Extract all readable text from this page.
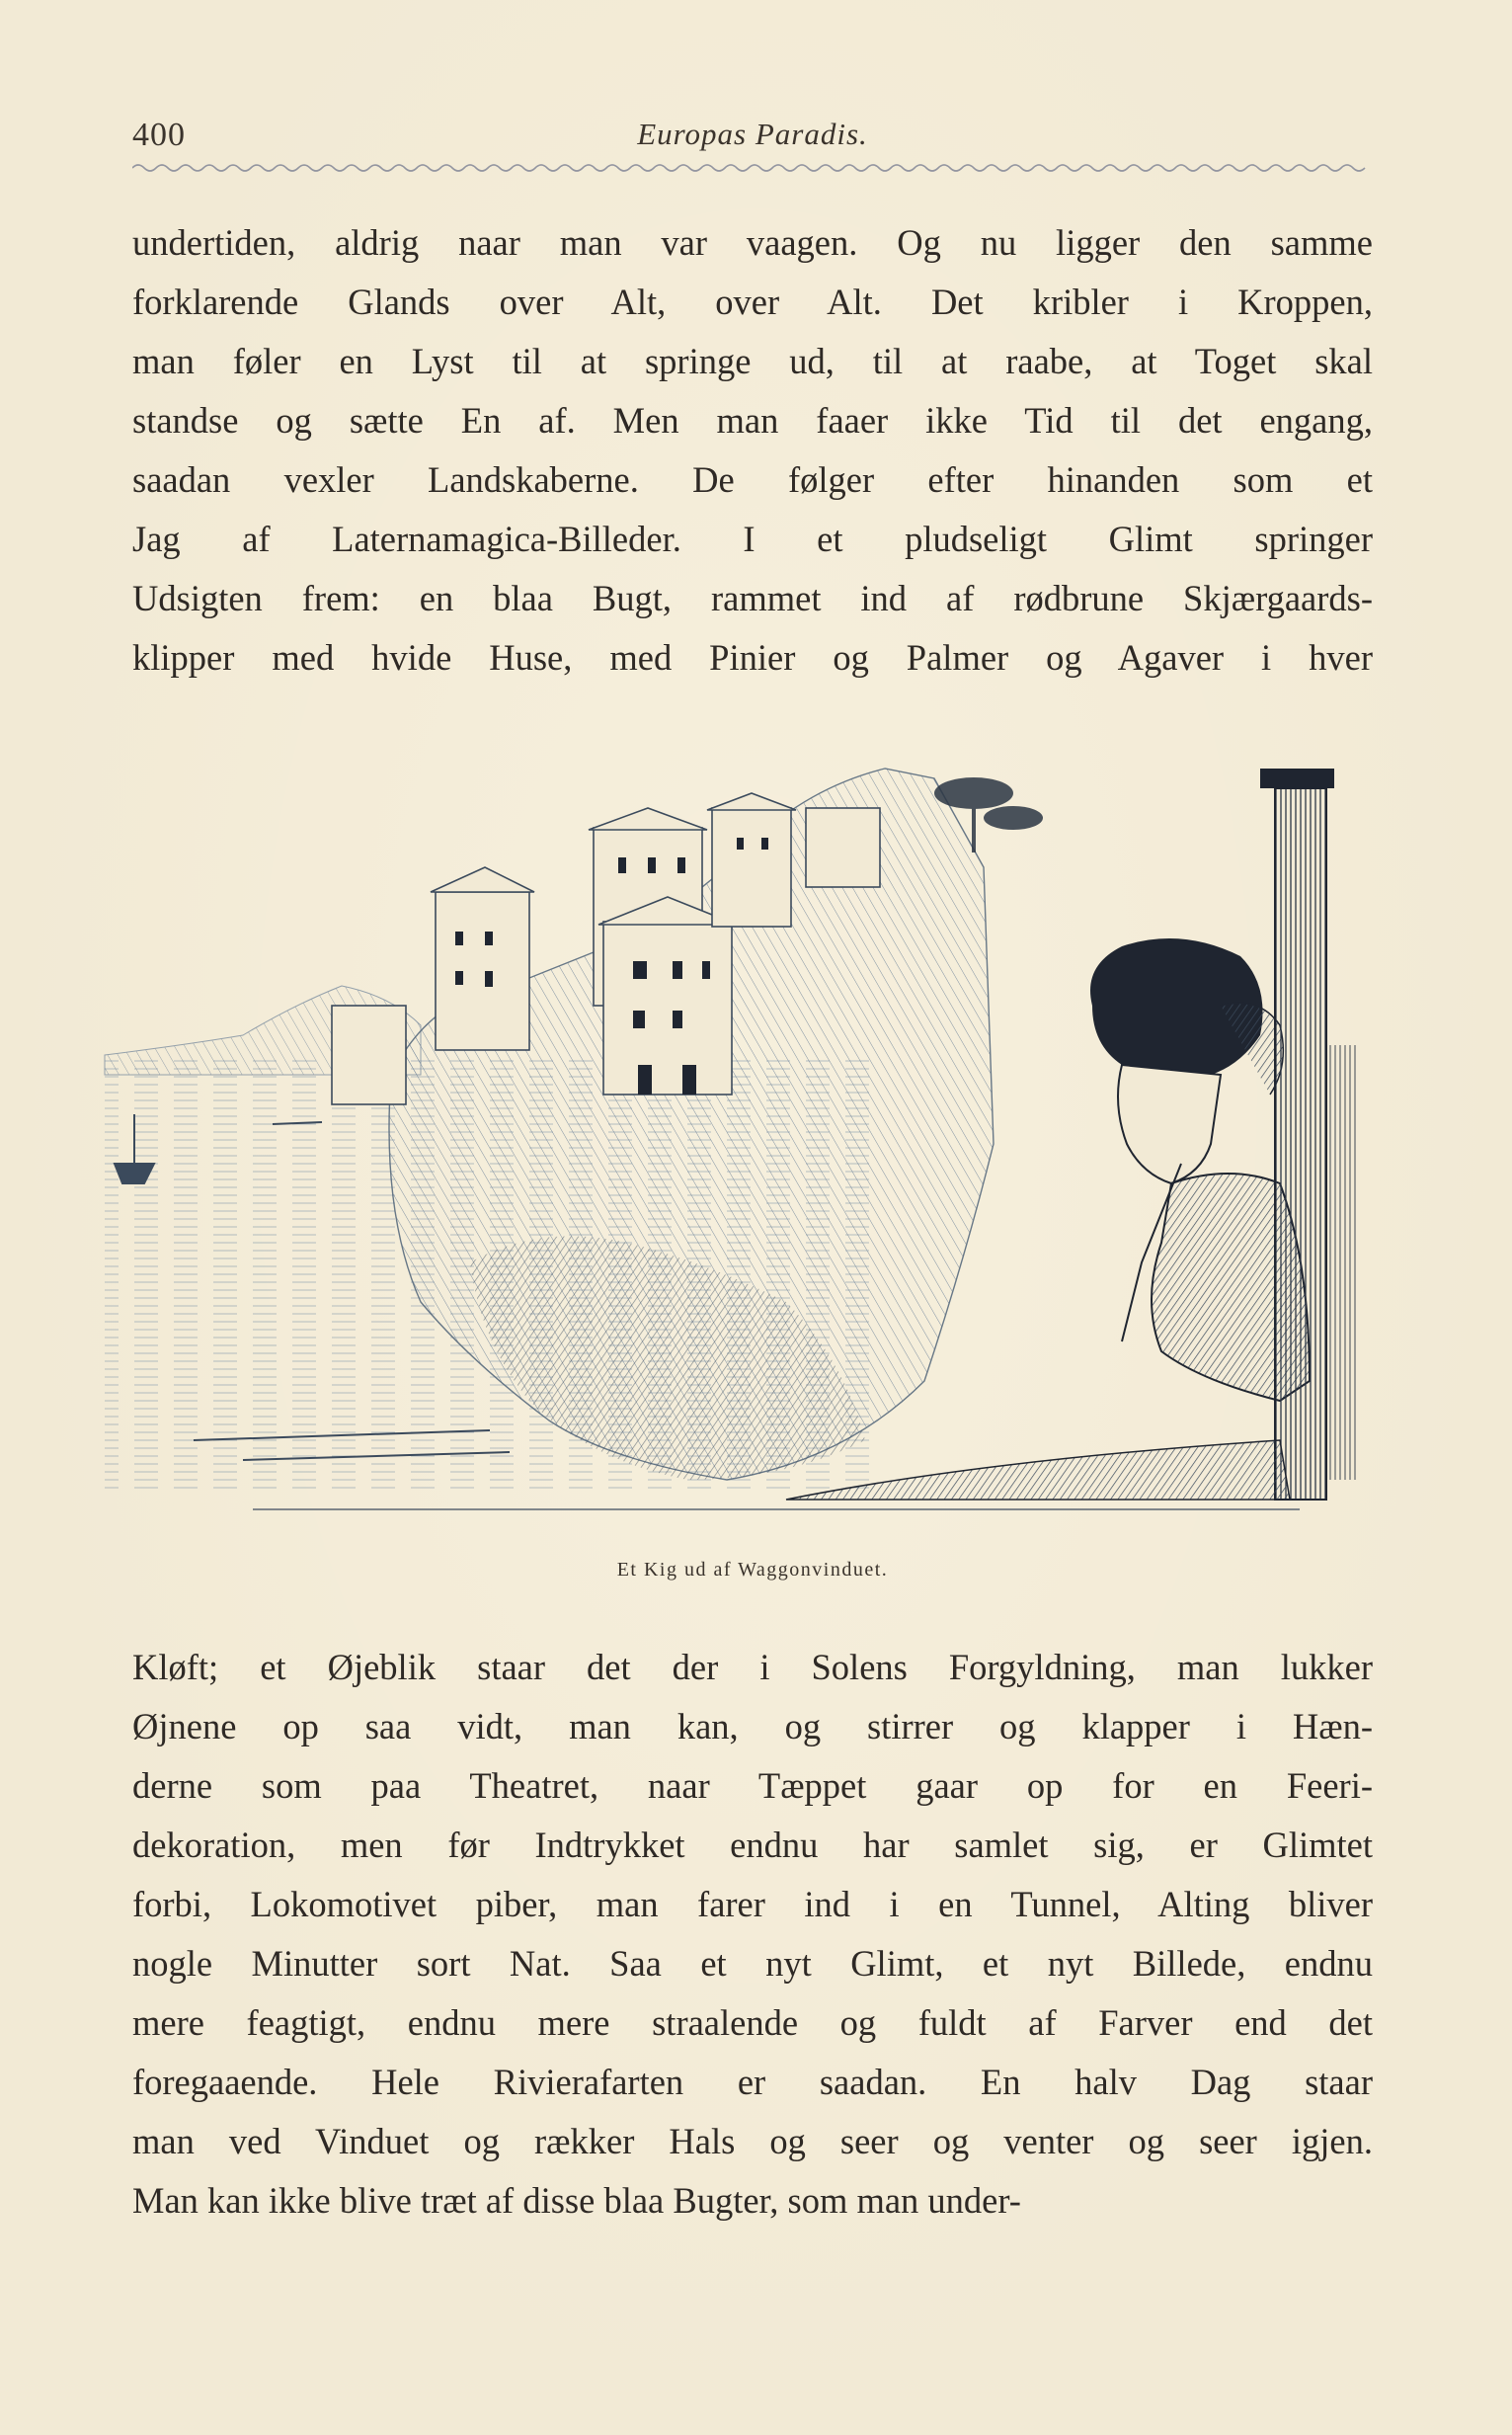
400	Europas Paradis.
undertiden, aldrig naar man var vaagen. Og nu ligger den samme
forklarende Glands over Alt, over Alt. Det kribler i Kroppen,
man føler en Lyst til at springe ud, til at raabe, at Toget skal
standse og sætte En af. Men man faaer ikke Tid til det engang,
saadan vexler Landskaberne. De følger efter hinanden som et
Jag af Laternamagica-Billeder. I et pludseligt Glimt springer
Udsigten frem: en blaa Bugt, rammet ind af rødbrune Skjærgaards-
klipper med hvide Huse, med Pinier og Palmer og Agaver i hver
Et Kig ud af Waggonvinduet.
Kløft; et Øjeblik staar det der i Solens Forgyldning, man lukker
Øjnene op saa vidt, man kan, og stirrer og klapper i Hæn-
derne som paa Theatret, naar Tæppet gaar op for en Feeri-
dekoration, men før Indtrykket endnu har samlet sig, er Glimtet
forbi, Lokomotivet piber, man farer ind i en Tunnel, Alting bliver
nogle Minutter sort Nat. Saa et nyt Glimt, et nyt Billede, endnu
mere feagtigt, endnu mere straalende og fuldt af Farver end det
foregaaende. Hele Rivierafarten er saadan. En halv Dag staar
man ved Vinduet og rækker Hals og seer og venter og seer igjen.
Man kan ikke blive træt af disse blaa Bugter, som man under-
